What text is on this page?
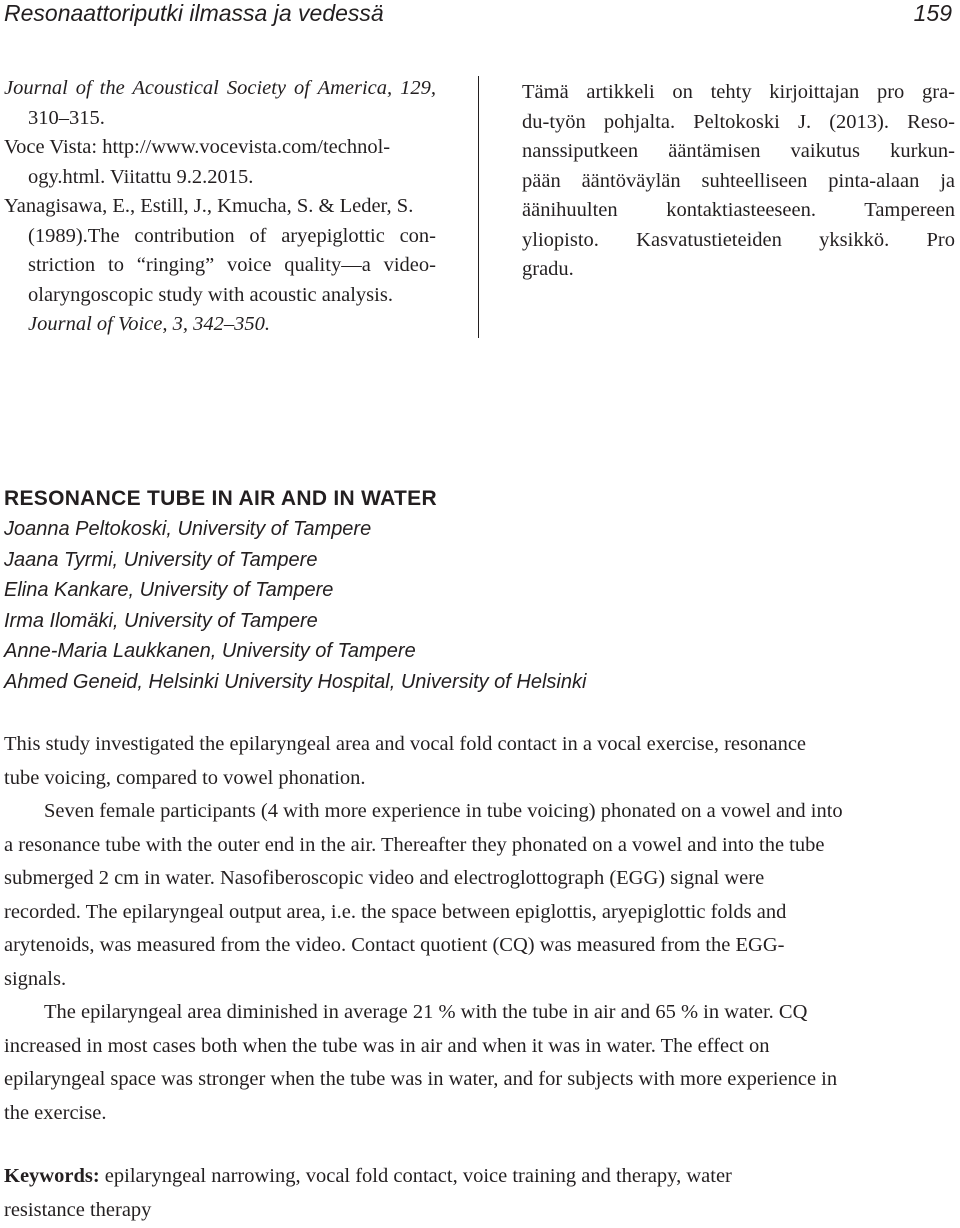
Resonaattoriputki ilmassa ja vedessä	159
Journal of the Acoustical Society of America, 129,
310–315.
Voce Vista: http://www.vocevista.com/technol-
ogy.html. Viitattu 9.2.2015.
Yanagisawa, E., Estill, J., Kmucha, S. & Leder, S.
(1989).The contribution of aryepiglottic con-
striction to “ringing” voice quality—a video-
olaryngoscopic study with acoustic analysis.
Journal of Voice, 3, 342–350.
Tämä artikkeli on tehty kirjoittajan pro gra-
du-työn pohjalta. Peltokoski J. (2013). Reso-
nanssiputkeen ääntämisen vaikutus kurkun-
pään ääntöväylän suhteelliseen pinta-alaan ja
äänihuulten kontaktiasteeseen. Tampereen
yliopisto. Kasvatustieteiden yksikkö. Pro
gradu.
RESONANCE TUBE IN AIR AND IN WATER
Joanna Peltokoski, University of Tampere
Jaana Tyrmi, University of Tampere
Elina Kankare, University of Tampere
Irma Ilomäki, University of Tampere
Anne-Maria Laukkanen, University of Tampere
Ahmed Geneid, Helsinki University Hospital, University of Helsinki

This study investigated the epilaryngeal area and vocal fold contact in a vocal exercise, resonance tube voicing, compared to vowel phonation.

Seven female participants (4 with more experience in tube voicing) phonated on a vowel and into a resonance tube with the outer end in the air. Thereafter they phonated on a vowel and into the tube submerged 2 cm in water. Nasofiberoscopic video and electroglottograph (EGG) signal were recorded. The epilaryngeal output area, i.e. the space between epiglottis, aryepiglottic folds and arytenoids, was measured from the video. Contact quotient (CQ) was measured from the EGG-signals.

The epilaryngeal area diminished in average 21 % with the tube in air and 65 % in water. CQ increased in most cases both when the tube was in air and when it was in water. The effect on epilaryngeal space was stronger when the tube was in water, and for subjects with more experience in the exercise.

Keywords: epilaryngeal narrowing, vocal fold contact, voice training and therapy, water resistance therapy
